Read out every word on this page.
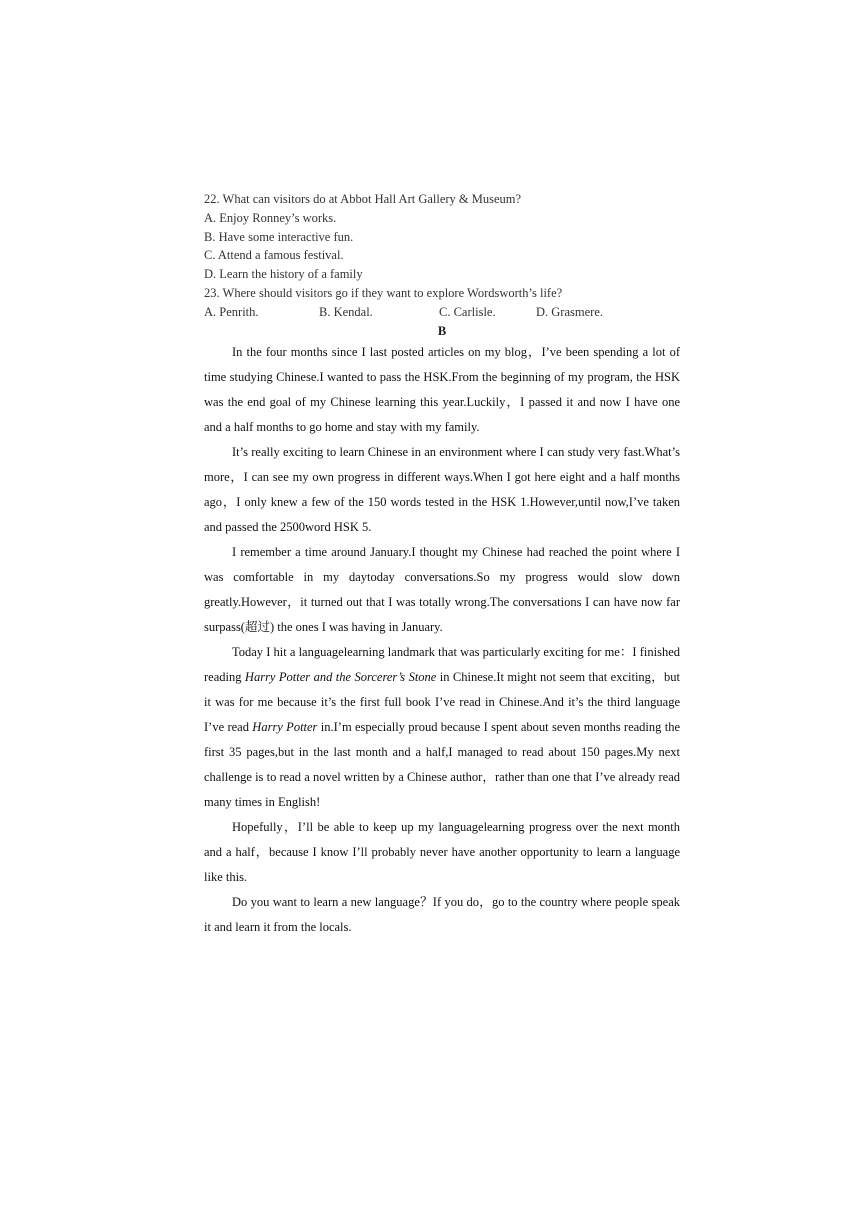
22. What can visitors do at Abbot Hall Art Gallery & Museum?
A. Enjoy Ronney’s works.
B. Have some interactive fun.
C. Attend a famous festival.
D. Learn the history of a family
23. Where should visitors go if they want to explore Wordsworth’s life?
A. Penrith.	B. Kendal.	C. Carlisle.	D. Grasmere.
B

In the four months since I last posted articles on my blog，I’ve been spending a lot of time studying Chinese.I wanted to pass the HSK.From the beginning of my program, the HSK was the end goal of my Chinese learning this year.Luckily，I passed it and now I have one and a half months to go home and stay with my family.

It’s really exciting to learn Chinese in an environment where I can study very fast.What’s more，I can see my own progress in different ways.When I got here eight and a half months ago，I only knew a few of the 150 words tested in the HSK 1.However,until now,I’ve taken and passed the 2500word HSK 5.

I remember a time around January.I thought my Chinese had reached the point where I was comfortable in my daytoday conversations.So my progress would slow down greatly.However，it turned out that I was totally wrong.The conversations I can have now far surpass(超过) the ones I was having in January.

Today I hit a languagelearning landmark that was particularly exciting for me：I finished reading Harry Potter and the Sorcerer’s Stone in Chinese.It might not seem that exciting，but it was for me because it’s the first full book I’ve read in Chinese.And it’s the third language I’ve read Harry Potter in.I’m especially proud because I spent about seven months reading the first 35 pages,but in the last month and a half,I managed to read about 150 pages.My next challenge is to read a novel written by a Chinese author，rather than one that I’ve already read many times in English!

Hopefully，I’ll be able to keep up my languagelearning progress over the next month and a half，because I know I’ll probably never have another opportunity to learn a language like this.

Do you want to learn a new language？If you do，go to the country where people speak it and learn it from the locals.
